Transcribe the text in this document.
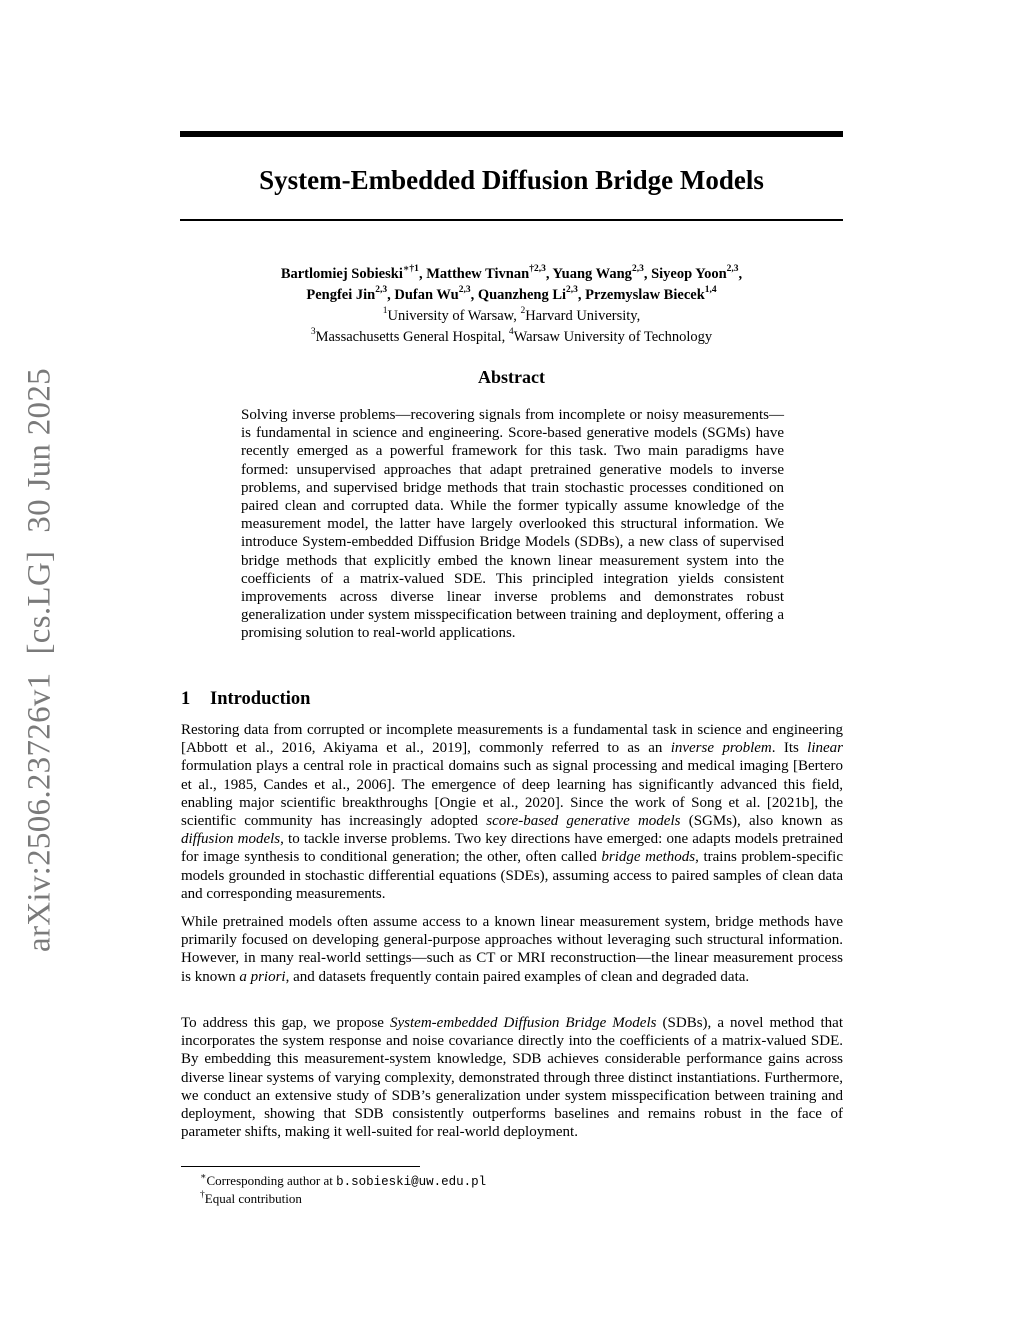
arXiv:2506.23726v1[cs.LG]30 Jun 2025
System-Embedded Diffusion Bridge Models
Bartlomiej Sobieski$^{∗\dagger 1}$, Matthew Tivnan$^{\dagger 2,3}$, Yuang Wang$^{2,3}$, Siyeop Yoon$^{2,3}$,
Pengfei Jin$^{2,3}$, Dufan Wu$^{2,3}$, Quanzheng Li$^{2,3}$, Przemyslaw Biecek$^{1,4}$
$^1$University of Warsaw, $^2$Harvard University,
$^3$Massachusetts General Hospital, $^4$Warsaw University of Technology
Abstract

Solving inverse problems—recovering signals from incomplete or noisy measurements—is fundamental in science and engineering. Score-based generative models (SGMs) have recently emerged as a powerful framework for this task. Two main paradigms have formed: unsupervised approaches that adapt pretrained generative models to inverse problems, and supervised bridge methods that train stochastic processes conditioned on paired clean and corrupted data. While the former typically assume knowledge of the measurement model, the latter have largely overlooked this structural information. We introduce System-embedded Diffusion Bridge Models (SDBs), a new class of supervised bridge methods that explicitly embed the known linear measurement system into the coefficients of a matrix-valued SDE. This principled integration yields consistent improvements across diverse linear inverse problems and demonstrates robust generalization under system misspecification between training and deployment, offering a promising solution to real-world applications.

1 Introduction

Restoring data from corrupted or incomplete measurements is a fundamental task in science and engineering [Abbott et al., 2016, Akiyama et al., 2019], commonly referred to as an inverse problem. Its linear formulation plays a central role in practical domains such as signal processing and medical imaging [Bertero et al., 1985, Candes et al., 2006]. The emergence of deep learning has significantly advanced this field, enabling major scientific breakthroughs [Ongie et al., 2020]. Since the work of Song et al. [2021b], the scientific community has increasingly adopted score-based generative models (SGMs), also known as diffusion models, to tackle inverse problems. Two key directions have emerged: one adapts models pretrained for image synthesis to conditional generation; the other, often called bridge methods, trains problem-specific models grounded in stochastic differential equations (SDEs), assuming access to paired samples of clean data and corresponding measurements.

While pretrained models often assume access to a known linear measurement system, bridge methods have primarily focused on developing general-purpose approaches without leveraging such structural information. However, in many real-world settings—such as CT or MRI reconstruction—the linear measurement process is known a priori, and datasets frequently contain paired examples of clean and degraded data.

To address this gap, we propose System-embedded Diffusion Bridge Models (SDBs), a novel method that incorporates the system response and noise covariance directly into the coefficients of a matrix-valued SDE. By embedding this measurement-system knowledge, SDB achieves considerable performance gains across diverse linear systems of varying complexity, demonstrated through three distinct instantiations. Furthermore, we conduct an extensive study of SDB’s generalization under system misspecification between training and deployment, showing that SDB consistently outperforms baselines and remains robust in the face of parameter shifts, making it well-suited for real-world deployment.

∗Corresponding author at b.sobieski@uw.edu.pl

†Equal contribution
